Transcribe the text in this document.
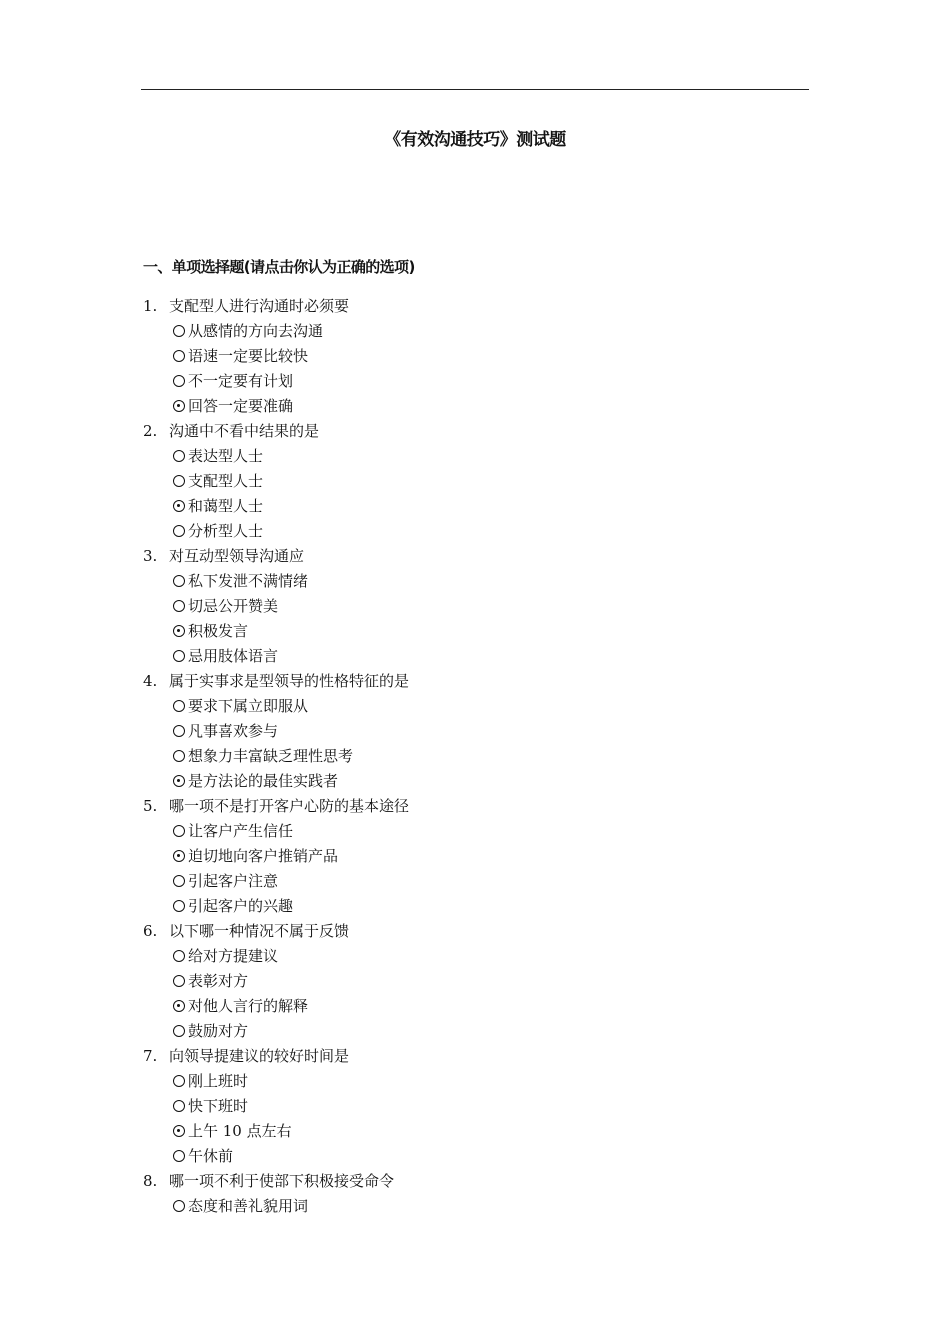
《有效沟通技巧》测试题
一、单项选择题(请点击你认为正确的选项)
1. 支配型人进行沟通时必须要
从感情的方向去沟通
语速一定要比较快
不一定要有计划
回答一定要准确
2. 沟通中不看中结果的是
表达型人士
支配型人士
和蔼型人士
分析型人士
3. 对互动型领导沟通应
私下发泄不满情绪
切忌公开赞美
积极发言
忌用肢体语言
4. 属于实事求是型领导的性格特征的是
要求下属立即服从
凡事喜欢参与
想象力丰富缺乏理性思考
是方法论的最佳实践者
5. 哪一项不是打开客户心防的基本途径
让客户产生信任
迫切地向客户推销产品
引起客户注意
引起客户的兴趣
6. 以下哪一种情况不属于反馈
给对方提建议
表彰对方
对他人言行的解释
鼓励对方
7. 向领导提建议的较好时间是
刚上班时
快下班时
上午 10 点左右
午休前
8. 哪一项不利于使部下积极接受命令
态度和善礼貌用词
